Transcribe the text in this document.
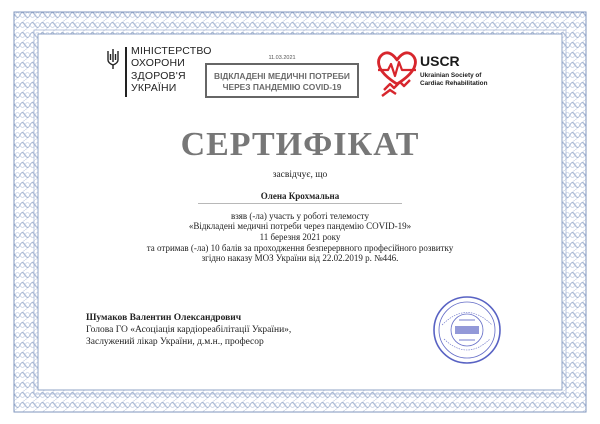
МІНІСТЕРСТВО
ОХОРОНИ
ЗДОРОВ'Я
УКРАЇНИ
11.03.2021
ВІДКЛАДЕНІ МЕДИЧНІ ПОТРЕБИ
ЧЕРЕЗ ПАНДЕМІЮ COVID-19
USCR
Ukrainian Society of
Cardiac Rehabilitation
СЕРТИФІКАТ
засвідчує, що
Олена Крохмальна
взяв (-ла) участь у роботі телемосту
«Відкладені медичні потреби через пандемію COVID-19»
11 березня 2021 року
та отримав (-ла) 10 балів за проходження безперервного професійного розвитку
згідно наказу МОЗ України від 22.02.2019 р. №446.
Шумаков Валентин Олександрович
Голова ГО «Асоціація кардіореабілітації України»,
Заслужений лікар України, д.м.н., професор
